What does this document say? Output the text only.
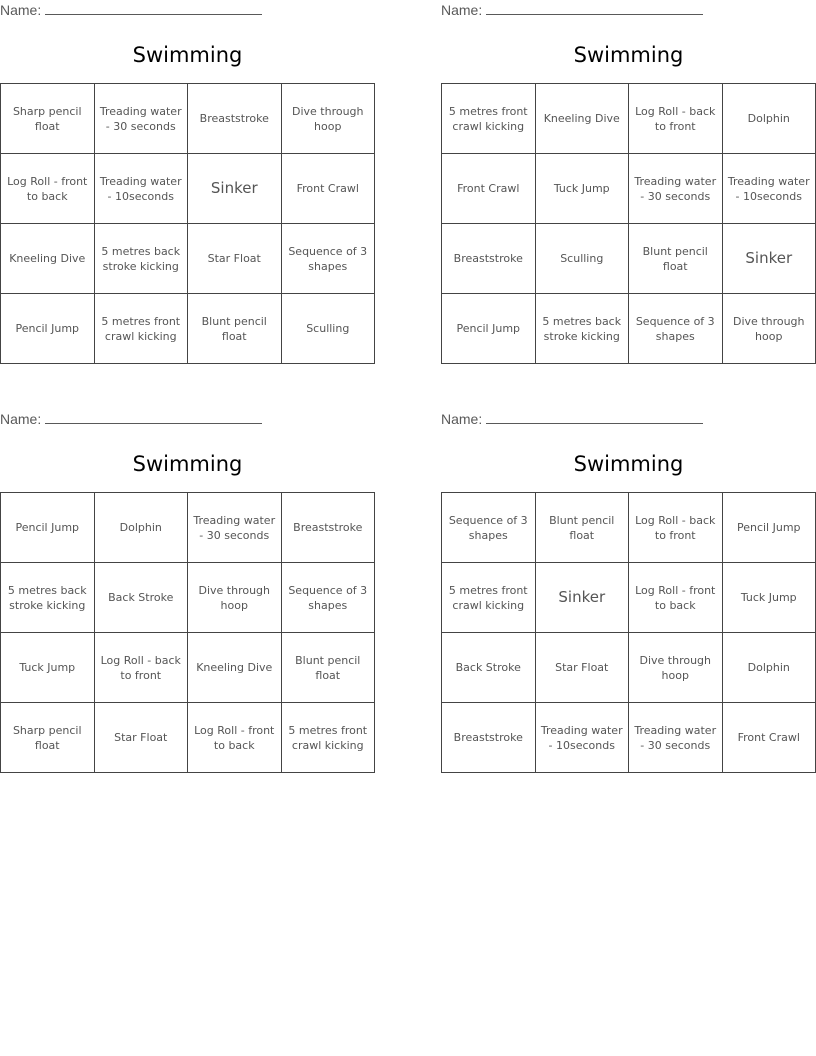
Name:
Swimming
Sharp pencil float	Treading water - 30 seconds	Breaststroke	Dive through hoop
Log Roll - front to back	Treading water - 10seconds	Sinker	Front Crawl
Kneeling Dive	5 metres back stroke kicking	Star Float	Sequence of 3 shapes
Pencil Jump	5 metres front crawl kicking	Blunt pencil float	Sculling
Name:
Swimming
5 metres front crawl kicking	Kneeling Dive	Log Roll - back to front	Dolphin
Front Crawl	Tuck Jump	Treading water - 30 seconds	Treading water - 10seconds
Breaststroke	Sculling	Blunt pencil float	Sinker
Pencil Jump	5 metres back stroke kicking	Sequence of 3 shapes	Dive through hoop
Name:
Swimming
Pencil Jump	Dolphin	Treading water - 30 seconds	Breaststroke
5 metres back stroke kicking	Back Stroke	Dive through hoop	Sequence of 3 shapes
Tuck Jump	Log Roll - back to front	Kneeling Dive	Blunt pencil float
Sharp pencil float	Star Float	Log Roll - front to back	5 metres front crawl kicking
Name:
Swimming
Sequence of 3 shapes	Blunt pencil float	Log Roll - back to front	Pencil Jump
5 metres front crawl kicking	Sinker	Log Roll - front to back	Tuck Jump
Back Stroke	Star Float	Dive through hoop	Dolphin
Breaststroke	Treading water - 10seconds	Treading water - 30 seconds	Front Crawl
